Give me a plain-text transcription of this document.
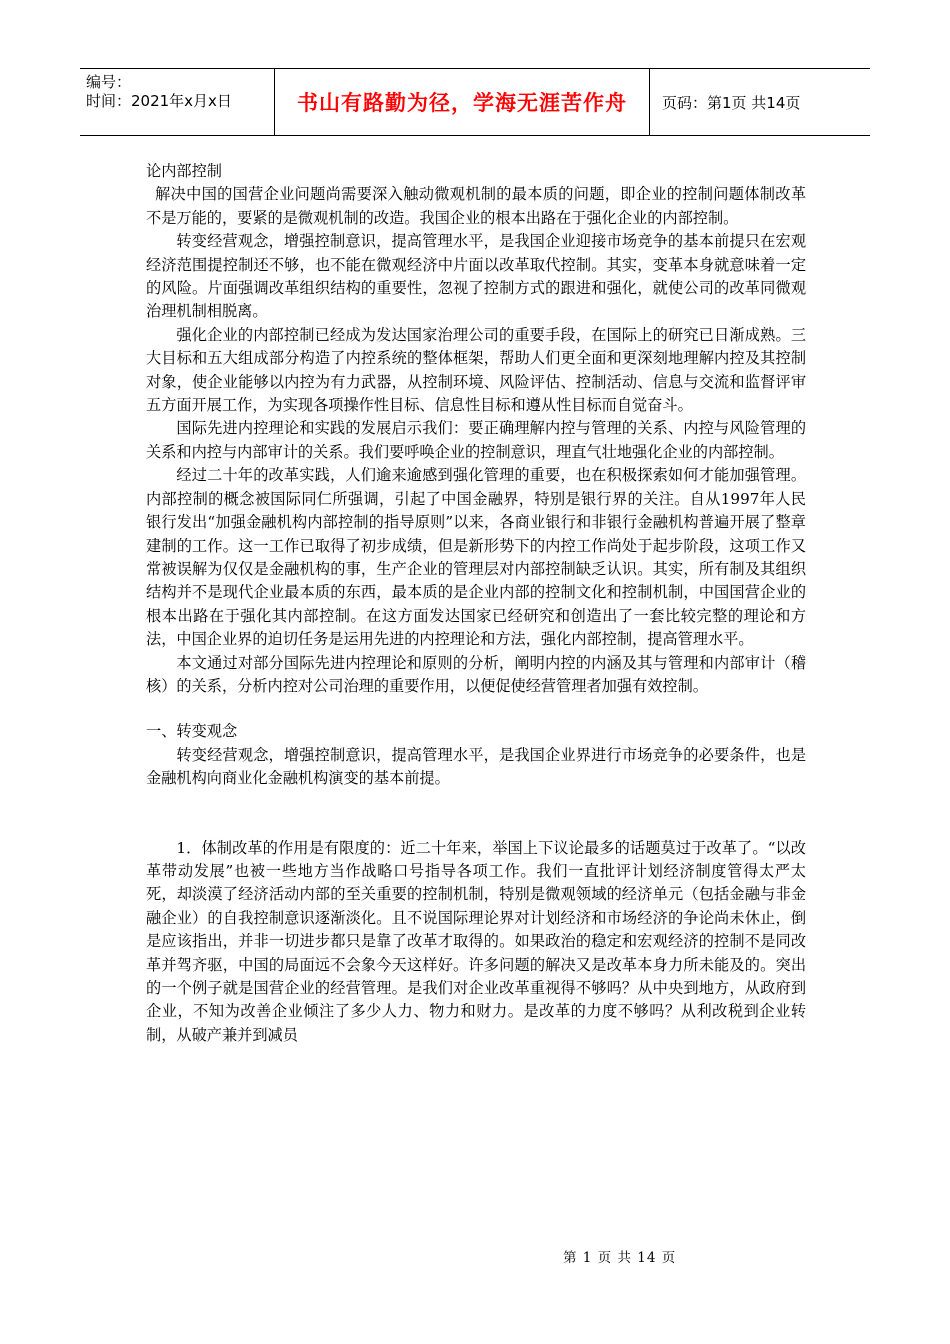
编号：
时间：2021年x月x日	书山有路勤为径，学海无涯苦作舟 页码：第1页 共14页

论内部控制

解决中国的国营企业问题尚需要深入触动微观机制的最本质的问题，即企业的控制问题体制改革不是万能的，要紧的是微观机制的改造。我国企业的根本出路在于强化企业的内部控制。

转变经营观念，增强控制意识，提高管理水平，是我国企业迎接市场竞争的基本前提只在宏观经济范围提控制还不够，也不能在微观经济中片面以改革取代控制。其实，变革本身就意味着一定的风险。片面强调改革组织结构的重要性，忽视了控制方式的跟进和强化，就使公司的改革同微观治理机制相脱离。

强化企业的内部控制已经成为发达国家治理公司的重要手段，在国际上的研究已日渐成熟。三大目标和五大组成部分构造了内控系统的整体框架，帮助人们更全面和更深刻地理解内控及其控制对象，使企业能够以内控为有力武器，从控制环境、风险评估、控制活动、信息与交流和监督评审五方面开展工作，为实现各项操作性目标、信息性目标和遵从性目标而自觉奋斗。

国际先进内控理论和实践的发展启示我们：要正确理解内控与管理的关系、内控与风险管理的关系和内控与内部审计的关系。我们要呼唤企业的控制意识，理直气壮地强化企业的内部控制。

经过二十年的改革实践，人们逾来逾感到强化管理的重要，也在积极探索如何才能加强管理。内部控制的概念被国际同仁所强调，引起了中国金融界，特别是银行界的关注。自从1997年人民银行发出“加强金融机构内部控制的指导原则”以来，各商业银行和非银行金融机构普遍开展了整章建制的工作。这一工作已取得了初步成绩，但是新形势下的内控工作尚处于起步阶段，这项工作又常被误解为仅仅是金融机构的事，生产企业的管理层对内部控制缺乏认识。其实，所有制及其组织结构并不是现代企业最本质的东西，最本质的是企业内部的控制文化和控制机制，中国国营企业的根本出路在于强化其内部控制。在这方面发达国家已经研究和创造出了一套比较完整的理论和方法，中国企业界的迫切任务是运用先进的内控理论和方法，强化内部控制，提高管理水平。

本文通过对部分国际先进内控理论和原则的分析，阐明内控的内涵及其与管理和内部审计（稽核）的关系，分析内控对公司治理的重要作用，以便促使经营管理者加强有效控制。

一、转变观念

转变经营观念，增强控制意识，提高管理水平，是我国企业界进行市场竞争的必要条件，也是金融机构向商业化金融机构演变的基本前提。

1．体制改革的作用是有限度的：近二十年来，举国上下议论最多的话题莫过于改革了。“以改革带动发展”也被一些地方当作战略口号指导各项工作。我们一直批评计划经济制度管得太严太死，却淡漠了经济活动内部的至关重要的控制机制，特别是微观领域的经济单元（包括金融与非金融企业）的自我控制意识逐渐淡化。且不说国际理论界对计划经济和市场经济的争论尚未休止，倒是应该指出，并非一切进步都只是靠了改革才取得的。如果政治的稳定和宏观经济的控制不是同改革并驾齐驱，中国的局面远不会象今天这样好。许多问题的解决又是改革本身力所未能及的。突出的一个例子就是国营企业的经营管理。是我们对企业改革重视得不够吗？从中央到地方，从政府到企业，不知为改善企业倾注了多少人力、物力和财力。是改革的力度不够吗？从利改税到企业转制，从破产兼并到减员

第 1 页 共 14 页
